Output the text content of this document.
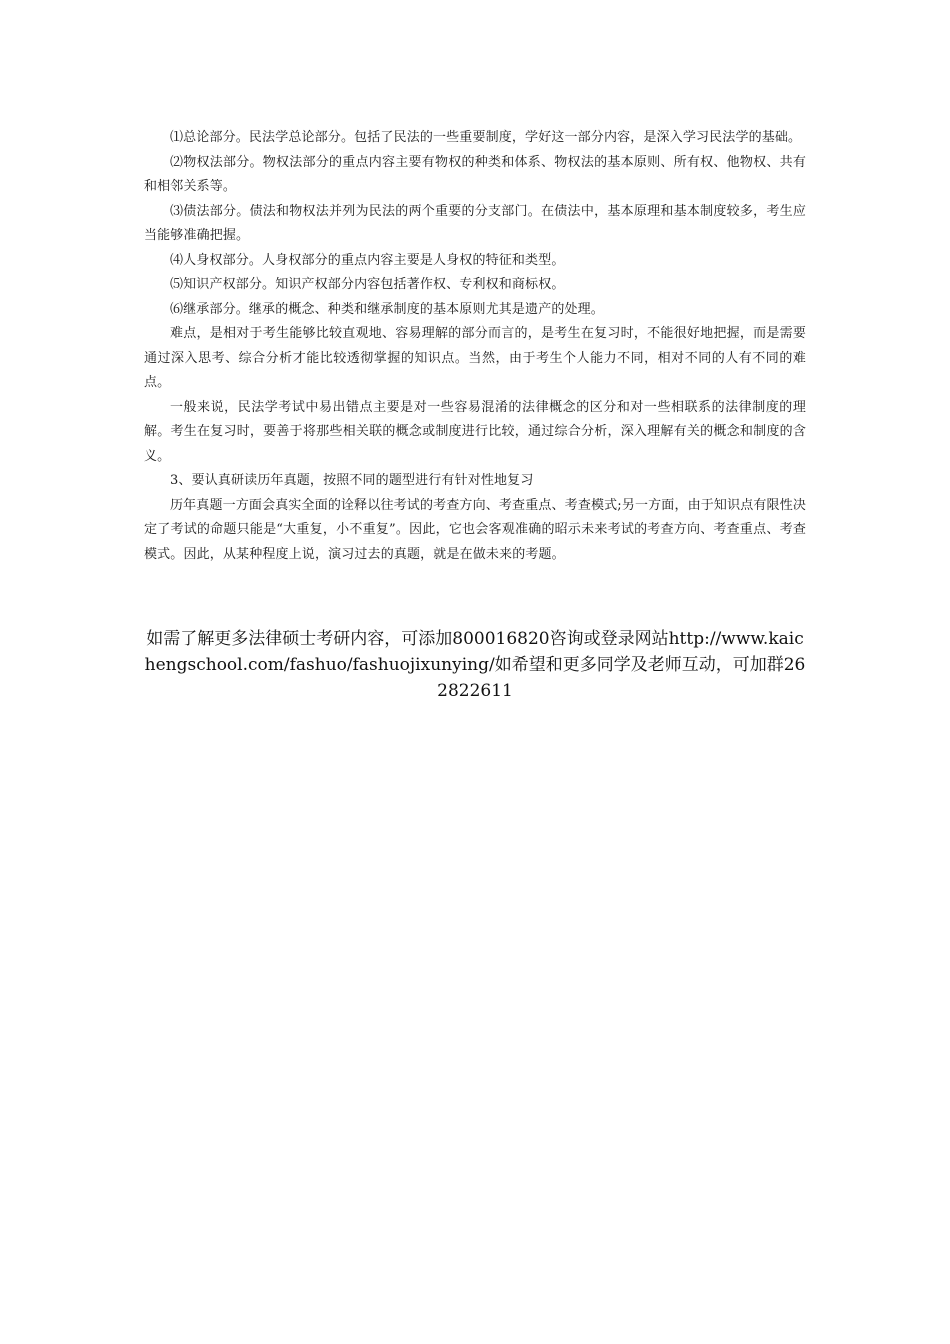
⑴总论部分。民法学总论部分。包括了民法的一些重要制度，学好这一部分内容，是深入学习民法学的基础。

⑵物权法部分。物权法部分的重点内容主要有物权的种类和体系、物权法的基本原则、所有权、他物权、共有和相邻关系等。

⑶债法部分。债法和物权法并列为民法的两个重要的分支部门。在债法中，基本原理和基本制度较多，考生应当能够准确把握。

⑷人身权部分。人身权部分的重点内容主要是人身权的特征和类型。

⑸知识产权部分。知识产权部分内容包括著作权、专利权和商标权。

⑹继承部分。继承的概念、种类和继承制度的基本原则尤其是遗产的处理。

难点，是相对于考生能够比较直观地、容易理解的部分而言的，是考生在复习时，不能很好地把握，而是需要通过深入思考、综合分析才能比较透彻掌握的知识点。当然，由于考生个人能力不同，相对不同的人有不同的难点。

一般来说，民法学考试中易出错点主要是对一些容易混淆的法律概念的区分和对一些相联系的法律制度的理解。考生在复习时，要善于将那些相关联的概念或制度进行比较，通过综合分析，深入理解有关的概念和制度的含义。

3、要认真研读历年真题，按照不同的题型进行有针对性地复习

历年真题一方面会真实全面的诠释以往考试的考查方向、考查重点、考查模式;另一方面，由于知识点有限性决定了考试的命题只能是“大重复，小不重复”。因此，它也会客观准确的昭示未来考试的考查方向、考查重点、考查模式。因此，从某种程度上说，演习过去的真题，就是在做未来的考题。

如需了解更多法律硕士考研内容，可添加800016820咨询或登录网站http://www.kaichengschool.com/fashuo/fashuojixunying/如希望和更多同学及老师互动，可加群262822611
